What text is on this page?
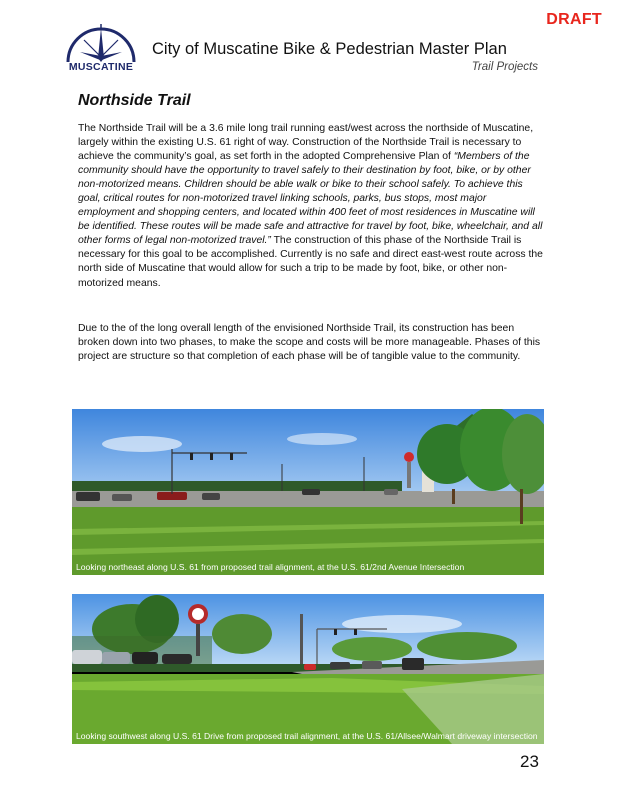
DRAFT
MUSCATINE
City of Muscatine Bike & Pedestrian Master Plan
Trail Projects
Northside Trail
The Northside Trail will be a 3.6 mile long trail running east/west across the northside of Muscatine, largely within the existing U.S. 61 right of way. Construction of the Northside Trail is necessary to achieve the community’s goal, as set forth in the adopted Comprehensive Plan of “Members of the community should have the opportunity to travel safely to their destination by foot, bike, or by other non-motorized means. Children should be able walk or bike to their school safely. To achieve this goal, critical routes for non-motorized travel linking schools, parks, bus stops, most major employment and shopping centers, and located within 400 feet of most residences in Muscatine will be identified. These routes will be made safe and attractive for travel by foot, bike, wheelchair, and all other forms of legal non-motorized travel.” The construction of this phase of the Northside Trail is necessary for this goal to be accomplished. Currently is no safe and direct east-west route across the north side of Muscatine that would allow for such a trip to be made by foot, bike, or other non-motorized means.
Due to the of the long overall length of the envisioned Northside Trail, its construction has been broken down into two phases, to make the scope and costs will be more manageable. Phases of this project are structure so that completion of each phase will be of tangible value to the community.
Looking northeast along U.S. 61 from proposed trail alignment, at the U.S. 61/2nd Avenue Intersection
Looking southwest along U.S. 61 Drive from proposed trail alignment, at the U.S. 61/Allsee/Walmart driveway intersection
23
